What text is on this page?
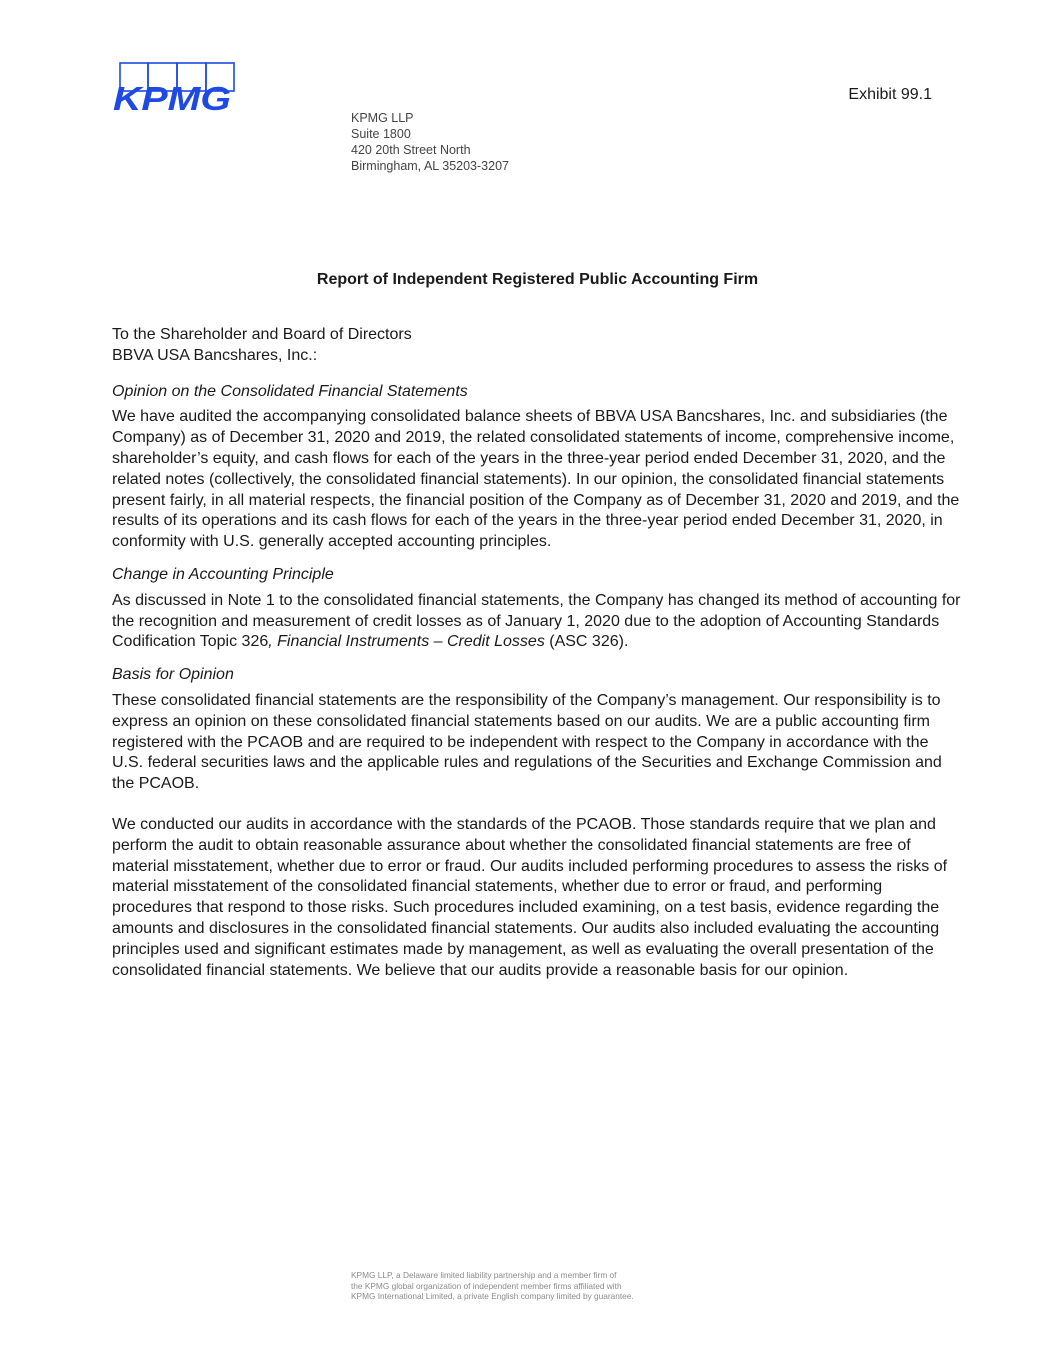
KPMG	Exhibit 99.1
KPMG LLP
Suite 1800
420 20th Street North
Birmingham, AL 35203-3207
Report of Independent Registered Public Accounting Firm
To the Shareholder and Board of Directors
BBVA USA Bancshares, Inc.:
Opinion on the Consolidated Financial Statements

We have audited the accompanying consolidated balance sheets of BBVA USA Bancshares, Inc. and subsidiaries (the Company) as of December 31, 2020 and 2019, the related consolidated statements of income, comprehensive income, shareholder’s equity, and cash flows for each of the years in the three-year period ended December 31, 2020, and the related notes (collectively, the consolidated financial statements). In our opinion, the consolidated financial statements present fairly, in all material respects, the financial position of the Company as of December 31, 2020 and 2019, and the results of its operations and its cash flows for each of the years in the three-year period ended December 31, 2020, in conformity with U.S. generally accepted accounting principles.

Change in Accounting Principle

As discussed in Note 1 to the consolidated financial statements, the Company has changed its method of accounting for the recognition and measurement of credit losses as of January 1, 2020 due to the adoption of Accounting Standards Codification Topic 326, Financial Instruments – Credit Losses (ASC 326).

Basis for Opinion

These consolidated financial statements are the responsibility of the Company’s management. Our responsibility is to express an opinion on these consolidated financial statements based on our audits. We are a public accounting firm registered with the PCAOB and are required to be independent with respect to the Company in accordance with the U.S. federal securities laws and the applicable rules and regulations of the Securities and Exchange Commission and the PCAOB.

We conducted our audits in accordance with the standards of the PCAOB. Those standards require that we plan and perform the audit to obtain reasonable assurance about whether the consolidated financial statements are free of material misstatement, whether due to error or fraud. Our audits included performing procedures to assess the risks of material misstatement of the consolidated financial statements, whether due to error or fraud, and performing procedures that respond to those risks. Such procedures included examining, on a test basis, evidence regarding the amounts and disclosures in the consolidated financial statements. Our audits also included evaluating the accounting principles used and significant estimates made by management, as well as evaluating the overall presentation of the consolidated financial statements. We believe that our audits provide a reasonable basis for our opinion.

KPMG LLP, a Delaware limited liability partnership and a member firm of
the KPMG global organization of independent member firms affiliated with
KPMG International Limited, a private English company limited by guarantee.
